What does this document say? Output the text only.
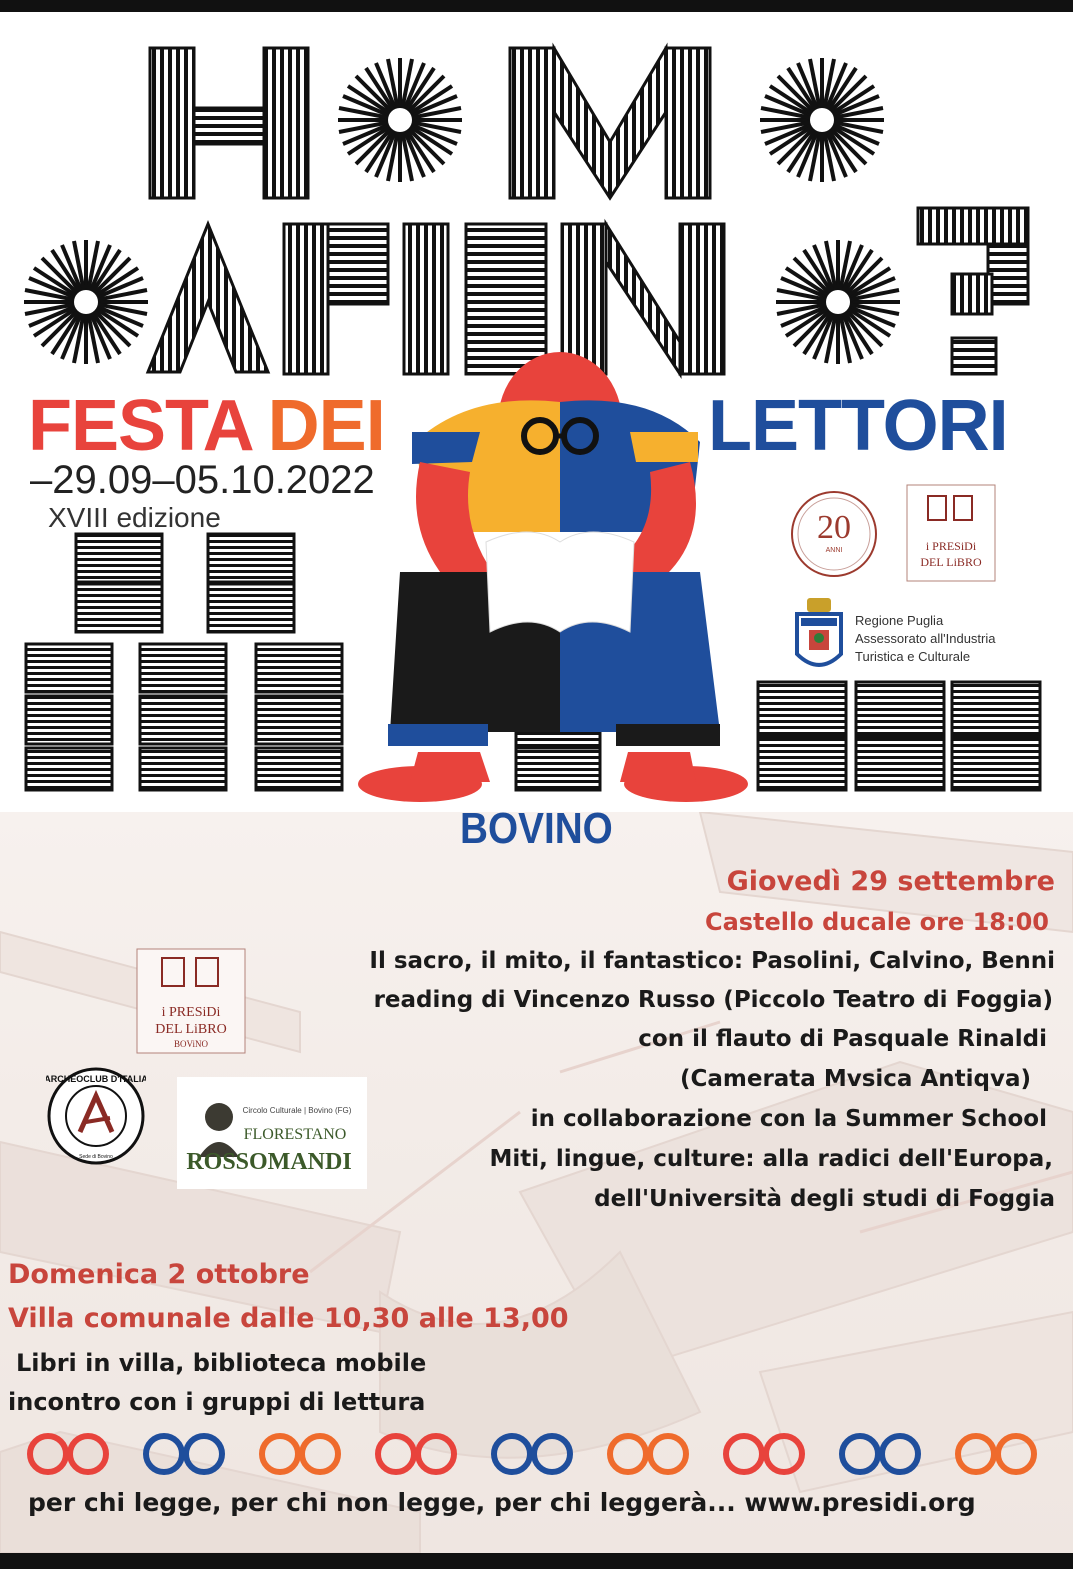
FESTA DEI	LETTORI
–29.09–05.10.2022
XVIII edizione	20
ANNI	i PRESiDi
DEL LiBRO
Regione Puglia
Assessorato all'Industria
Turistica e Culturale
BOVINO
Giovedì 29 settembre
Castello ducale ore 18:00
Il sacro, il mito, il fantastico: Pasolini, Calvino, Benni
reading di Vincenzo Russo (Piccolo Teatro di Foggia)
con il flauto di Pasquale Rinaldi
(Camerata Mvsica Antiqva)
in collaborazione con la Summer School
Miti, lingue, culture: alla radici dell'Europa,
dell'Università degli studi di Foggia
i PRESiDi
DEL LiBRO
BOViNO
ARCHEOCLUB D'ITALIA
Sede di Bovino
Circolo Culturale | Bovino (FG)
FLORESTANO
ROSSOMANDI
Domenica 2 ottobre
Villa comunale dalle 10,30 alle 13,00
Libri in villa, biblioteca mobile
incontro con i gruppi di lettura
per chi legge, per chi non legge, per chi leggerà... www.presidi.org
